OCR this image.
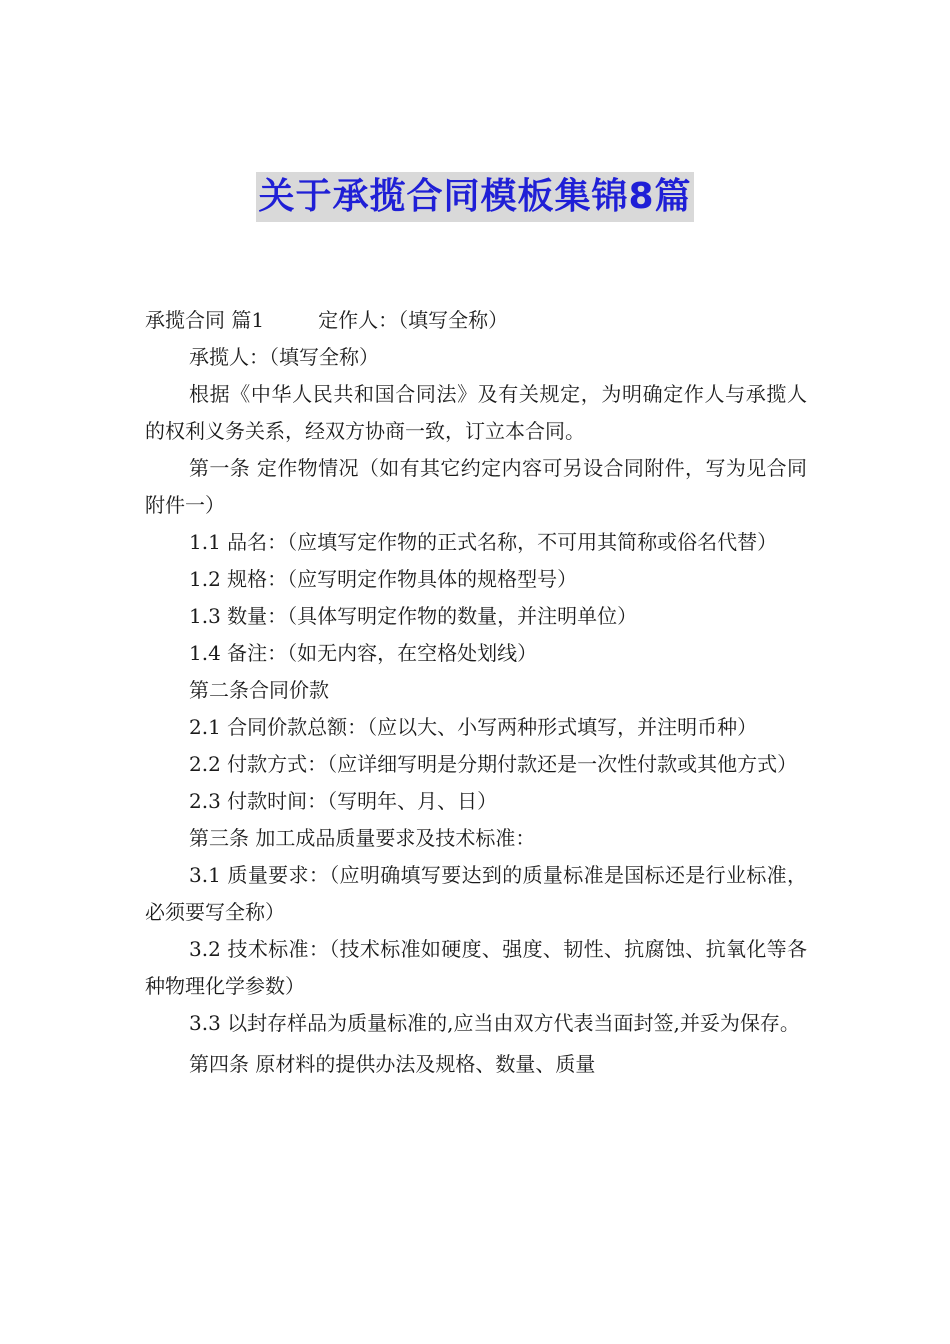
关于承揽合同模板集锦8篇

承揽合同 篇1	定作人：（填写全称）

承揽人：（填写全称）

根据《中华人民共和国合同法》及有关规定，为明确定作人与承揽人的权利义务关系，经双方协商一致，订立本合同。

第一条 定作物情况（如有其它约定内容可另设合同附件，写为见合同附件一）

1.1 品名：（应填写定作物的正式名称，不可用其简称或俗名代替）

1.2 规格：（应写明定作物具体的规格型号）

1.3 数量：（具体写明定作物的数量，并注明单位）

1.4 备注：（如无内容，在空格处划线）

第二条合同价款

2.1 合同价款总额：（应以大、小写两种形式填写，并注明币种）

2.2 付款方式：（应详细写明是分期付款还是一次性付款或其他方式）

2.3 付款时间：（写明年、月、日）

第三条 加工成品质量要求及技术标准：

3.1 质量要求：（应明确填写要达到的质量标准是国标还是行业标准，必须要写全称）

3.2 技术标准：（技术标准如硬度、强度、韧性、抗腐蚀、抗氧化等各种物理化学参数）

3.3 以封存样品为质量标准的,应当由双方代表当面封签,并妥为保存。

第四条 原材料的提供办法及规格、数量、质量
